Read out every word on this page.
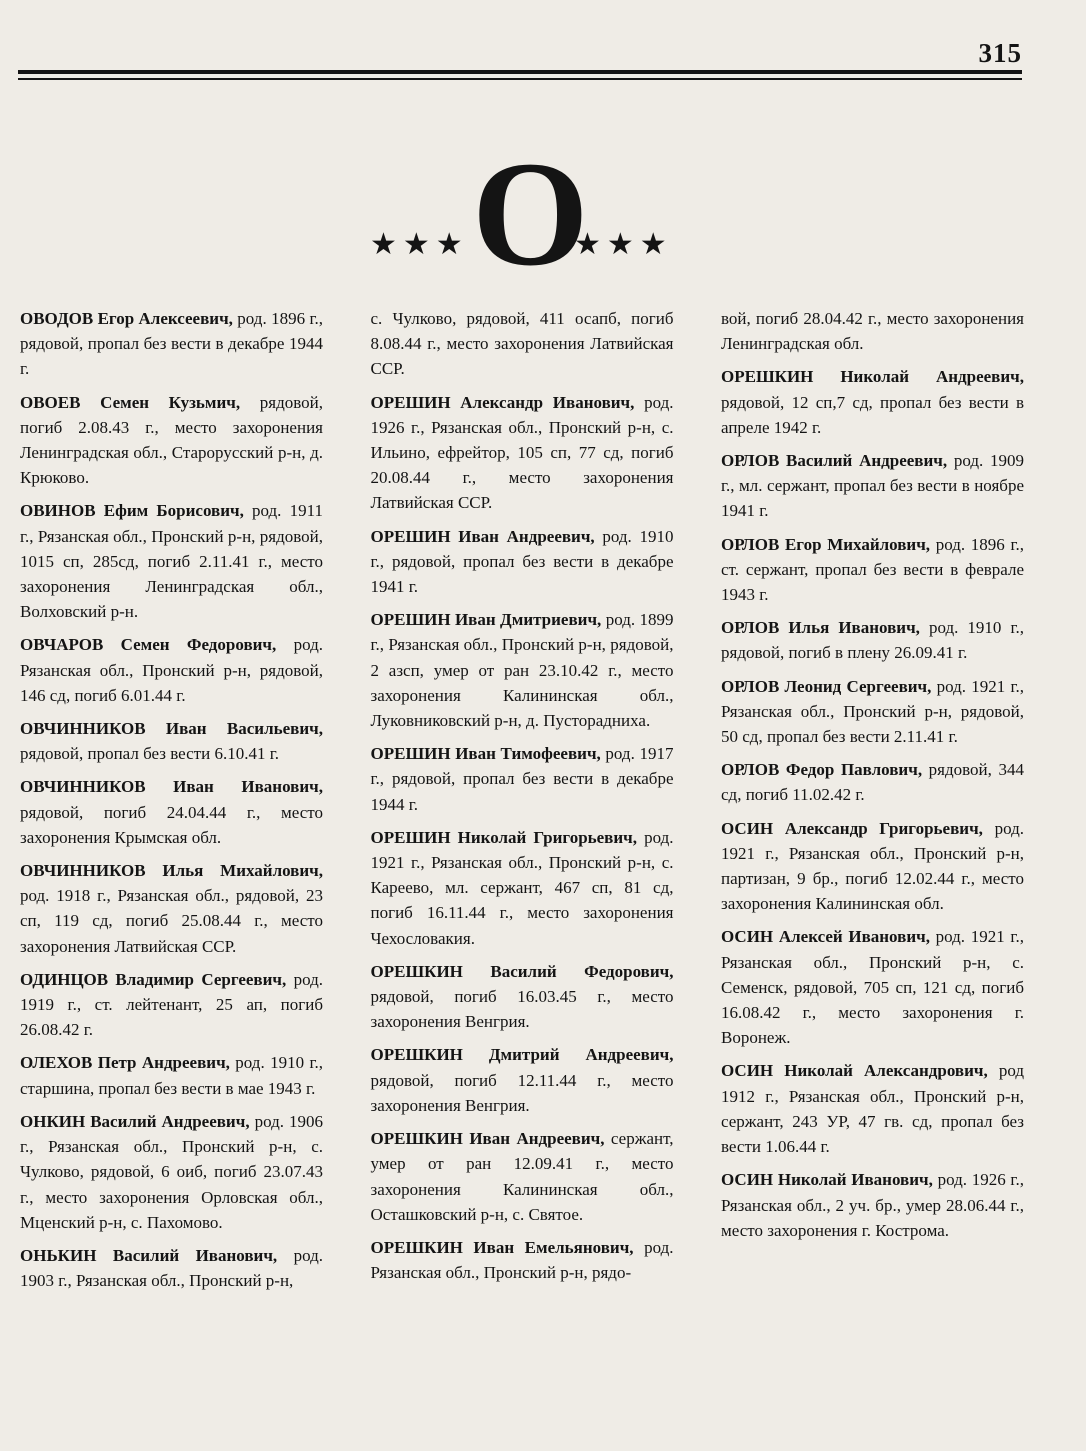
315
★★★ О
★★★

ОВОДОВ Егор Алексеевич, род. 1896 г., рядовой, пропал без вести в декабре 1944 г.

ОВОЕВ Семен Кузьмич, рядовой, погиб 2.08.43 г., место захоронения Ленинградская обл., Старорусский р-н, д. Крюково.

ОВИНОВ Ефим Борисович, род. 1911 г., Рязанская обл., Пронский р-н, рядовой, 1015 сп, 285сд, погиб 2.11.41 г., место захоронения Ленинградская обл., Волховский р-н.

ОВЧАРОВ Семен Федорович, род. Рязанская обл., Пронский р-н, рядовой, 146 сд, погиб 6.01.44 г.

ОВЧИННИКОВ Иван Васильевич, рядовой, пропал без вести 6.10.41 г.

ОВЧИННИКОВ Иван Иванович, рядовой, погиб 24.04.44 г., место захоронения Крымская обл.

ОВЧИННИКОВ Илья Михайлович, род. 1918 г., Рязанская обл., рядовой, 23 сп, 119 сд, погиб 25.08.44 г., место захоронения Латвийская ССР.

ОДИНЦОВ Владимир Сергеевич, род. 1919 г., ст. лейтенант, 25 ап, погиб 26.08.42 г.

ОЛЕХОВ Петр Андреевич, род. 1910 г., старшина, пропал без вести в мае 1943 г.

ОНКИН Василий Андреевич, род. 1906 г., Рязанская обл., Пронский р-н, с. Чулково, рядовой, 6 оиб, погиб 23.07.43 г., место захоронения Орловская обл., Мценский р-н, с. Пахомово.

ОНЬКИН Василий Иванович, род. 1903 г., Рязанская обл., Пронский р-н,

с. Чулково, рядовой, 411 осапб, погиб 8.08.44 г., место захоронения Латвийская ССР.

ОРЕШИН Александр Иванович, род. 1926 г., Рязанская обл., Пронский р-н, с. Ильино, ефрейтор, 105 сп, 77 сд, погиб 20.08.44 г., место захоронения Латвийская ССР.

ОРЕШИН Иван Андреевич, род. 1910 г., рядовой, пропал без вести в декабре 1941 г.

ОРЕШИН Иван Дмитриевич, род. 1899 г., Рязанская обл., Пронский р-н, рядовой, 2 азсп, умер от ран 23.10.42 г., место захоронения Калининская обл., Луковниковский р-н, д. Пусторадниха.

ОРЕШИН Иван Тимофеевич, род. 1917 г., рядовой, пропал без вести в декабре 1944 г.

ОРЕШИН Николай Григорьевич, род. 1921 г., Рязанская обл., Пронский р-н, с. Кареево, мл. сержант, 467 сп, 81 сд, погиб 16.11.44 г., место захоронения Чехословакия.

ОРЕШКИН Василий Федорович, рядовой, погиб 16.03.45 г., место захоронения Венгрия.

ОРЕШКИН Дмитрий Андреевич, рядовой, погиб 12.11.44 г., место захоронения Венгрия.

ОРЕШКИН Иван Андреевич, сержант, умер от ран 12.09.41 г., место захоронения Калининская обл., Осташковский р-н, с. Святое.

ОРЕШКИН Иван Емельянович, род. Рязанская обл., Пронский р-н, рядо-

вой, погиб 28.04.42 г., место захоронения Ленинградская обл.

ОРЕШКИН Николай Андреевич, рядовой, 12 сп,7 сд, пропал без вести в апреле 1942 г.

ОРЛОВ Василий Андреевич, род. 1909 г., мл. сержант, пропал без вести в ноябре 1941 г.

ОРЛОВ Егор Михайлович, род. 1896 г., ст. сержант, пропал без вести в феврале 1943 г.

ОРЛОВ Илья Иванович, род. 1910 г., рядовой, погиб в плену 26.09.41 г.

ОРЛОВ Леонид Сергеевич, род. 1921 г., Рязанская обл., Пронский р-н, рядовой, 50 сд, пропал без вести 2.11.41 г.

ОРЛОВ Федор Павлович, рядовой, 344 сд, погиб 11.02.42 г.

ОСИН Александр Григорьевич, род. 1921 г., Рязанская обл., Пронский р-н, партизан, 9 бр., погиб 12.02.44 г., место захоронения Калининская обл.

ОСИН Алексей Иванович, род. 1921 г., Рязанская обл., Пронский р-н, с. Семенск, рядовой, 705 сп, 121 сд, погиб 16.08.42 г., место захоронения г. Воронеж.

ОСИН Николай Александрович, род 1912 г., Рязанская обл., Пронский р-н, сержант, 243 УР, 47 гв. сд, пропал без вести 1.06.44 г.

ОСИН Николай Иванович, род. 1926 г., Рязанская обл., 2 уч. бр., умер 28.06.44 г., место захоронения г. Кострома.
